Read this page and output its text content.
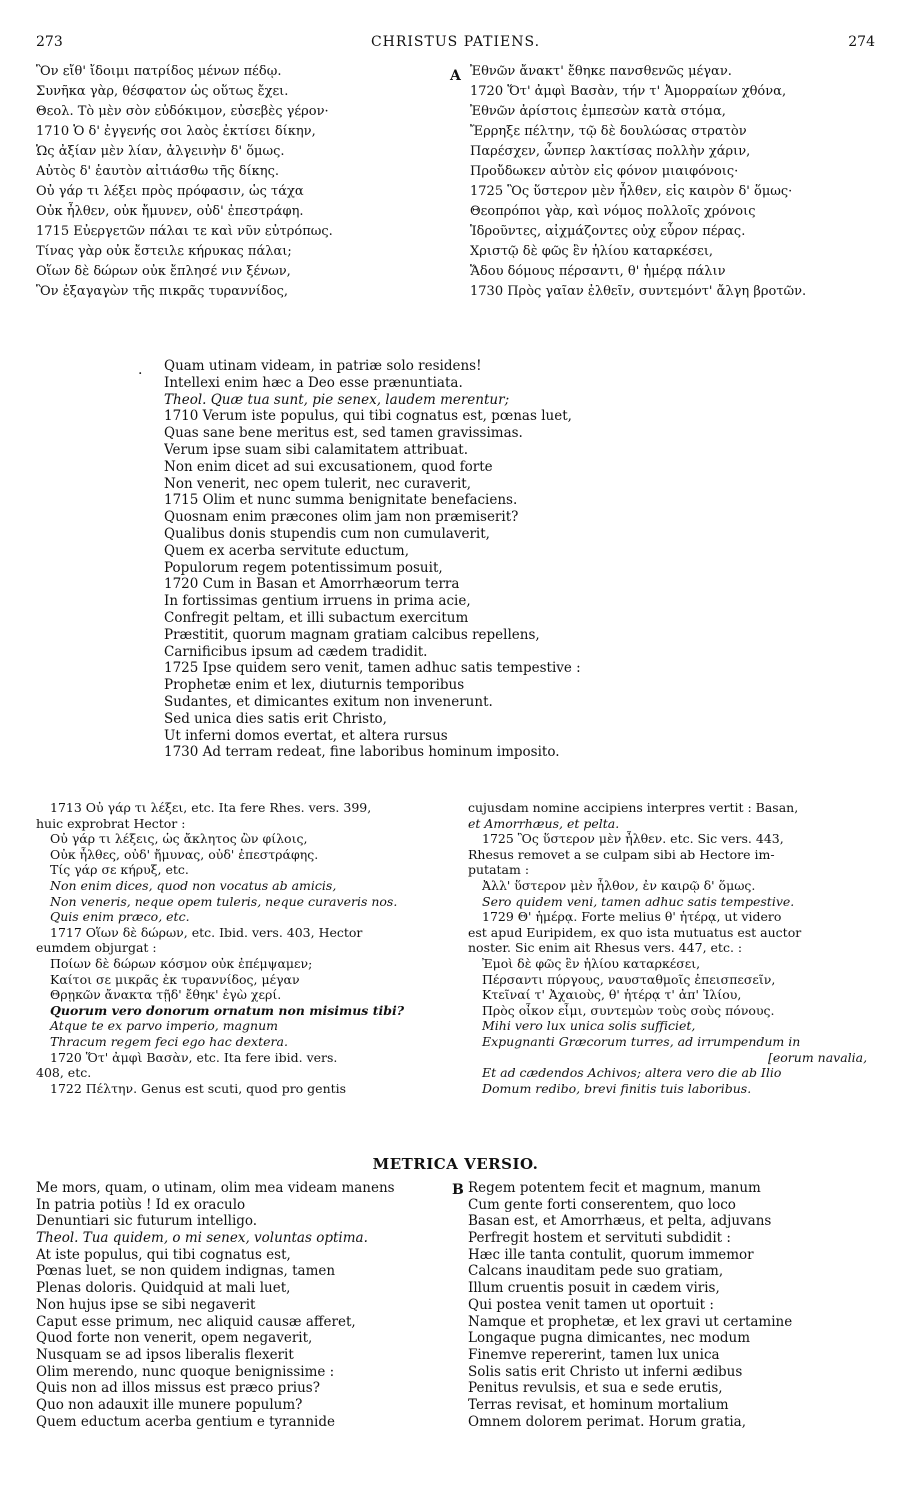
273	CHRISTUS PATIENS.	274
Ὃν εἴθ' ἴδοιμι πατρίδος μένων πέδῳ.
Συνῆκα γὰρ, θέσφατον ὡς οὕτως ἔχει.
Θεολ. Τὸ μὲν σὸν εὐδόκιμον, εὐσεβὲς γέρον·
1710 Ὁ δ' ἐγγενής σοι λαὸς ἐκτίσει δίκην,
Ὡς ἀξίαν μὲν λίαν, ἀλγεινὴν δ' ὅμως.
Αὐτὸς δ' ἑαυτὸν αἰτιάσθω τῆς δίκης.
Οὐ γάρ τι λέξει πρὸς πρόφασιν, ὡς τάχα
Οὐκ ἦλθεν, οὐκ ἤμυνεν, οὐδ' ἐπεστράφη.
1715 Εὐεργετῶν πάλαι τε καὶ νῦν εὐτρόπως.
Τίνας γὰρ οὐκ ἔστειλε κήρυκας πάλαι;
Οἵων δὲ δώρων οὐκ ἔπλησέ νιν ξένων,
Ὃν ἐξαγαγὼν τῆς πικρᾶς τυραννίδος,
A Ἐθνῶν ἄνακτ' ἔθηκε πανσθενῶς μέγαν.
1720 Ὅτ' ἀμφὶ Βασὰν, τήν τ' Ἀμορραίων χθόνα,
Ἐθνῶν ἀρίστοις ἐμπεσὼν κατὰ στόμα,
Ἔρρηξε πέλτην, τῷ δὲ δουλώσας στρατὸν
Παρέσχεν, ὧνπερ λακτίσας πολλὴν χάριν,
Προὔδωκεν αὐτὸν εἰς φόνον μιαιφόνοις·
1725 Ὃς ὕστερον μὲν ἦλθεν, εἰς καιρὸν δ' ὅμως·
Θεοπρόποι γὰρ, καὶ νόμος πολλοῖς χρόνοις
Ἱδροῦντες, αἰχμάζοντες οὐχ εὗρον πέρας.
Χριστῷ δὲ φῶς ἓν ἡλίου καταρκέσει,
Ἅδου δόμους πέρσαντι, θ' ἡμέρᾳ πάλιν
1730 Πρὸς γαῖαν ἐλθεῖν, συντεμόντ' ἄλγη βροτῶν.
. Quam utinam videam, in patriæ solo residens!
Intellexi enim hæc a Deo esse prænuntiata.
Theol. Quæ tua sunt, pie senex, laudem merentur;
1710 Verum iste populus, qui tibi cognatus est, pœnas luet,
Quas sane bene meritus est, sed tamen gravissimas.
Verum ipse suam sibi calamitatem attribuat.
Non enim dicet ad sui excusationem, quod forte
Non venerit, nec opem tulerit, nec curaverit,
1715 Olim et nunc summa benignitate benefaciens.
Quosnam enim præcones olim jam non præmiserit?
Qualibus donis stupendis cum non cumulaverit,
Quem ex acerba servitute eductum,
Populorum regem potentissimum posuit,
1720 Cum in Basan et Amorrhæorum terra
In fortissimas gentium irruens in prima acie,
Confregit peltam, et illi subactum exercitum
Præstitit, quorum magnam gratiam calcibus repellens,
Carnificibus ipsum ad cædem tradidit.
1725 Ipse quidem sero venit, tamen adhuc satis tempestive :
Prophetæ enim et lex, diuturnis temporibus
Sudantes, et dimicantes exitum non invenerunt.
Sed unica dies satis erit Christo,
Ut inferni domos evertat, et altera rursus
1730 Ad terram redeat, fine laboribus hominum imposito.
1713 Οὐ γάρ τι λέξει, etc. Ita fere Rhes. vers. 399,
huic exprobrat Hector :
Οὐ γάρ τι λέξεις, ὡς ἄκλητος ὢν φίλοις,
Οὐκ ἦλθες, οὐδ' ἤμυνας, οὐδ' ἐπεστράφης.
Τίς γάρ σε κήρυξ, etc.
Non enim dices, quod non vocatus ab amicis,
Non veneris, neque opem tuleris, neque curaveris nos.
Quis enim præco, etc.
1717 Οἵων δὲ δώρων, etc. Ibid. vers. 403, Hector
eumdem objurgat :
Ποίων δὲ δώρων κόσμον οὐκ ἐπέμψαμεν;
Καίτοι σε μικρᾶς ἐκ τυραννίδος, μέγαν
Θρῃκῶν ἄνακτα τῇδ' ἔθηκ' ἐγὼ χερί.
Quorum vero donorum ornatum non misimus tibi?
Atque te ex parvo imperio, magnum
Thracum regem feci ego hac dextera.
1720 Ὅτ' ἀμφὶ Βασὰν, etc. Ita fere ibid. vers.
408, etc.
1722 Πέλτην. Genus est scuti, quod pro gentis
cujusdam nomine accipiens interpres vertit : Basan,
et Amorrhæus, et pelta.
1725 Ὃς ὕστερον μὲν ἦλθεν. etc. Sic vers. 443,
Rhesus removet a se culpam sibi ab Hectore im-
putatam :
Ἀλλ' ὕστερον μὲν ἦλθον, ἐν καιρῷ δ' ὅμως.
Sero quidem veni, tamen adhuc satis tempestive.
1729 Θ' ἡμέρᾳ. Forte melius θ' ἡτέρᾳ, ut videro
est apud Euripidem, ex quo ista mutuatus est auctor
noster. Sic enim ait Rhesus vers. 447, etc. :
Ἐμοὶ δὲ φῶς ἓν ἡλίου καταρκέσει,
Πέρσαντι πύργους, ναυσταθμοῖς ἐπεισπεσεῖν,
Κτεῖναί τ' Ἀχαιοὺς, θ' ἡτέρᾳ τ' ἀπ' Ἰλίου,
Πρὸς οἶκον εἶμι, συντεμὼν τοὺς σοὺς πόνους.
Mihi vero lux unica solis sufficiet,
Expugnanti Græcorum turres, ad irrumpendum in
[eorum navalia,
Et ad cædendos Achivos; altera vero die ab Ilio
Domum redibo, brevi finitis tuis laboribus.
METRICA VERSIO.
B
Me mors, quam, o utinam, olim mea videam manens
In patria potiùs ! Id ex oraculo
Denuntiari sic futurum intelligo.
Theol. Tua quidem, o mi senex, voluntas optima.
At iste populus, qui tibi cognatus est,
Pœnas luet, se non quidem indignas, tamen
Plenas doloris. Quidquid at mali luet,
Non hujus ipse se sibi negaverit
Caput esse primum, nec aliquid causæ afferet,
Quod forte non venerit, opem negaverit,
Nusquam se ad ipsos liberalis flexerit
Olim merendo, nunc quoque benignissime :
Quis non ad illos missus est præco prius?
Quo non adauxit ille munere populum?
Quem eductum acerba gentium e tyrannide
Regem potentem fecit et magnum, manum
Cum gente forti conserentem, quo loco
Basan est, et Amorrhæus, et pelta, adjuvans
Perfregit hostem et servituti subdidit :
Hæc ille tanta contulit, quorum immemor
Calcans inauditam pede suo gratiam,
Illum cruentis posuit in cædem viris,
Qui postea venit tamen ut oportuit :
Namque et prophetæ, et lex gravi ut certamine
Longaque pugna dimicantes, nec modum
Finemve repererint, tamen lux unica
Solis satis erit Christo ut inferni ædibus
Penitus revulsis, et sua e sede erutis,
Terras revisat, et hominum mortalium
Omnem dolorem perimat. Horum gratia,
